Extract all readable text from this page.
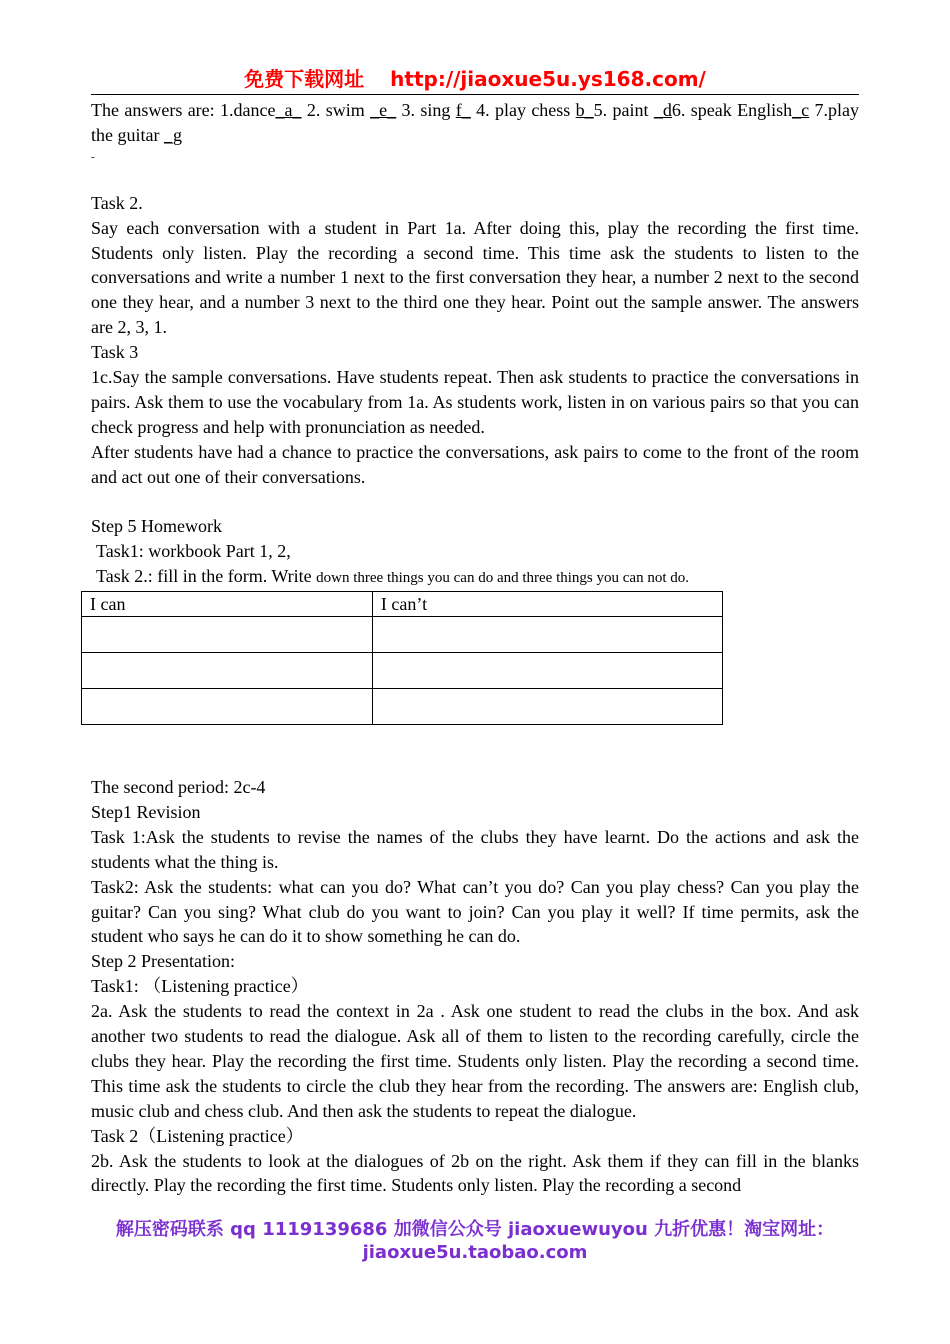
免费下载网址 http://jiaoxue5u.ys168.com/

The answers are: 1.dance_a_ 2. swim _e_ 3. sing f_ 4. play chess b_5. paint _d6. speak English_c 7.play the guitar _g

-

Task 2.

Say each conversation with a student in Part 1a. After doing this, play the recording the first time. Students only listen. Play the recording a second time. This time ask the students to listen to the conversations and write a number 1 next to the first conversation they hear, a number 2 next to the second one they hear, and a number 3 next to the third one they hear. Point out the sample answer. The answers are 2, 3, 1.

Task 3

1c.Say the sample conversations. Have students repeat. Then ask students to practice the conversations in pairs. Ask them to use the vocabulary from 1a. As students work, listen in on various pairs so that you can check progress and help with pronunciation as needed.

After students have had a chance to practice the conversations, ask pairs to come to the front of the room and act out one of their conversations.

Step 5 Homework

Task1: workbook Part 1, 2,

Task 2.: fill in the form. Write down three things you can do and three things you can not do.

I can	I can’t

The second period: 2c-4

Step1 Revision

Task 1:Ask the students to revise the names of the clubs they have learnt. Do the actions and ask the students what the thing is.

Task2: Ask the students: what can you do? What can’t you do? Can you play chess? Can you play the guitar? Can you sing? What club do you want to join? Can you play it well? If time permits, ask the student who says he can do it to show something he can do.

Step 2 Presentation:

Task1: （Listening practice）

2a. Ask the students to read the context in 2a . Ask one student to read the clubs in the box. And ask another two students to read the dialogue. Ask all of them to listen to the recording carefully, circle the clubs they hear. Play the recording the first time. Students only listen. Play the recording a second time. This time ask the students to circle the club they hear from the recording. The answers are: English club, music club and chess club. And then ask the students to repeat the dialogue.

Task 2（Listening practice）

2b. Ask the students to look at the dialogues of 2b on the right. Ask them if they can fill in the blanks directly. Play the recording the first time. Students only listen. Play the recording a second

解压密码联系 qq 1119139686 加微信公众号 jiaoxuewuyou 九折优惠！淘宝网址：
jiaoxue5u.taobao.com
